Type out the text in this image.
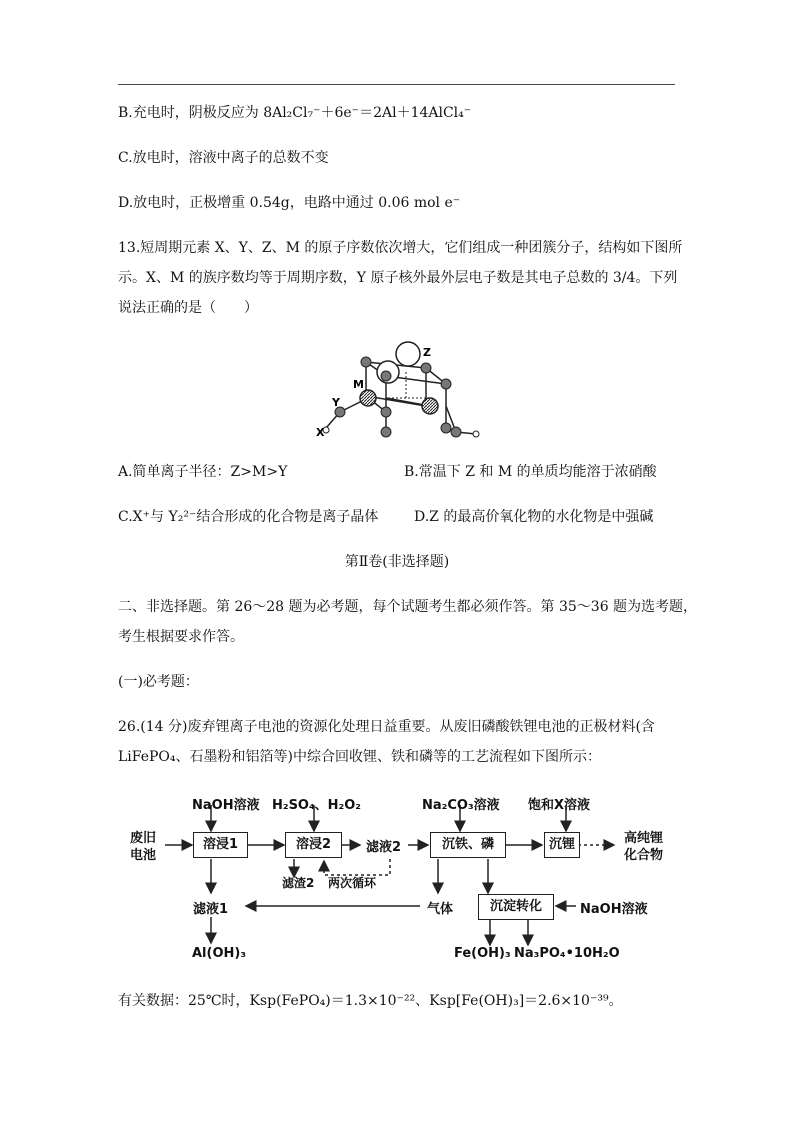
B.充电时，阴极反应为 8Al₂Cl₇⁻＋6e⁻＝2Al＋14AlCl₄⁻
C.放电时，溶液中离子的总数不变
D.放电时，正极增重 0.54g，电路中通过 0.06 mol e⁻
13.短周期元素 X、Y、Z、M 的原子序数依次增大，它们组成一种团簇分子，结构如下图所
示。X、M 的族序数均等于周期序数，Y 原子核外最外层电子数是其电子总数的 3/4。下列
说法正确的是（　　）
Z
M
Y
X
A.简单离子半径：Z>M>Y	B.常温下 Z 和 M 的单质均能溶于浓硝酸
C.X⁺与 Y₂²⁻结合形成的化合物是离子晶体	D.Z 的最高价氧化物的水化物是中强碱
第Ⅱ卷(非选择题)
二、非选择题。第 26～28 题为必考题，每个试题考生都必须作答。第 35～36 题为选考题，
考生根据要求作答。
(一)必考题：
26.(14 分)废弃锂离子电池的资源化处理日益重要。从废旧磷酸铁锂电池的正极材料(含
LiFePO₄、石墨粉和铝箔等)中综合回收锂、铁和磷等的工艺流程如下图所示：
NaOH溶液 H₂SO₄、H₂O₂	Na₂CO₃溶液 饱和X溶液
废旧
电池
溶浸1	溶浸2	滤液2	沉铁、磷	沉锂	高纯锂
化合物
滤渣2 两次循环
滤液1	气体	沉淀转化	NaOH溶液
Al(OH)₃	Fe(OH)₃ Na₃PO₄•10H₂O
有关数据：25℃时，Ksp(FePO₄)＝1.3×10⁻²²、Ksp[Fe(OH)₃]＝2.6×10⁻³⁹。
